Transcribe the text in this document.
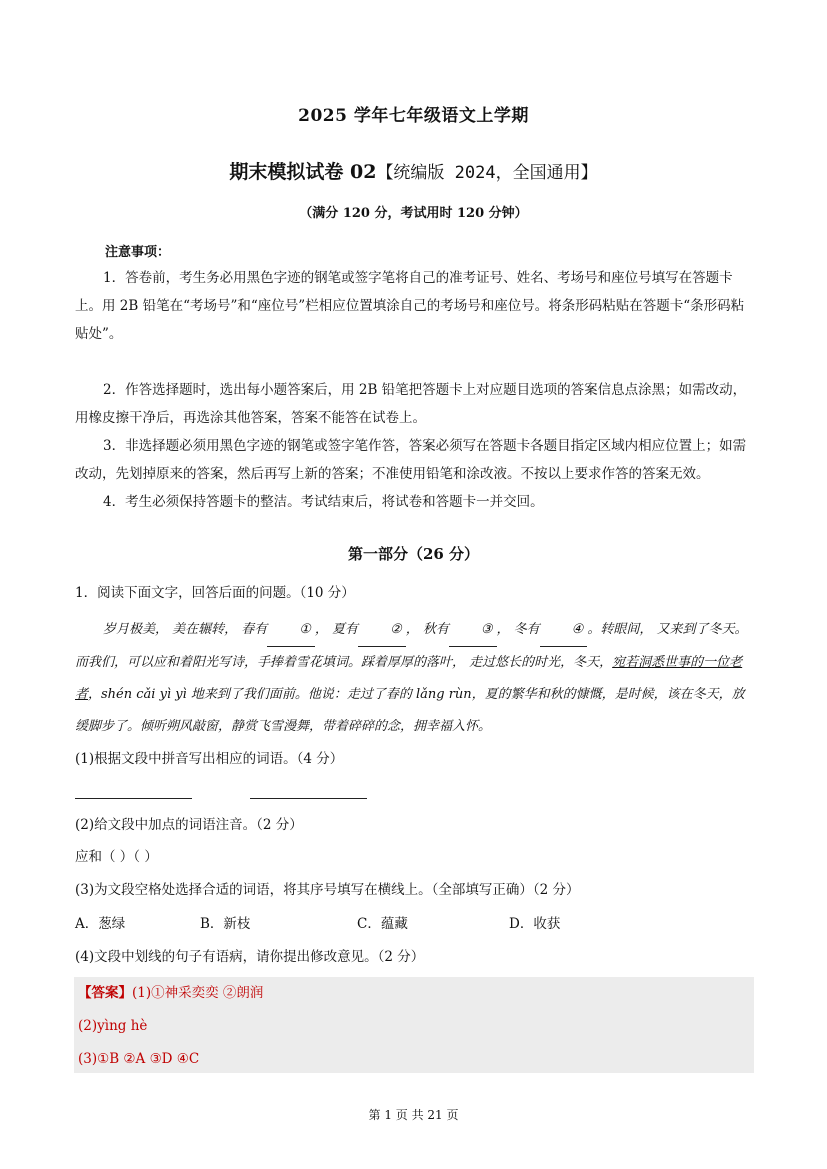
2025 学年七年级语文上学期
期末模拟试卷 02【统编版 2024，全国通用】
（满分 120 分，考试用时 120 分钟）
注意事项：
1．答卷前，考生务必用黑色字迹的钢笔或签字笔将自己的准考证号、姓名、考场号和座位号填写在答题卡上。用 2B 铅笔在“考场号”和“座位号”栏相应位置填涂自己的考场号和座位号。将条形码粘贴在答题卡“条形码粘贴处”。
2．作答选择题时，选出每小题答案后，用 2B 铅笔把答题卡上对应题目选项的答案信息点涂黑；如需改动，用橡皮擦干净后，再选涂其他答案，答案不能答在试卷上。
3．非选择题必须用黑色字迹的钢笔或签字笔作答，答案必须写在答题卡各题目指定区域内相应位置上；如需改动，先划掉原来的答案，然后再写上新的答案；不准使用铅笔和涂改液。不按以上要求作答的答案无效。
4．考生必须保持答题卡的整洁。考试结束后，将试卷和答题卡一并交回。
第一部分（26 分）
1．阅读下面文字，回答后面的问题。（10 分）
岁月极美， 美在辗转， 春有 ① ， 夏有 ② ， 秋有 ③ ， 冬有 ④ 。转眼间， 又来到了冬天。而我们，可以应和着阳光写诗，手捧着雪花填词。踩着厚厚的落叶， 走过悠长的时光，冬天，宛若洞悉世事的一位老者，shén cǎi yì yì 地来到了我们面前。他说：走过了春的 lǎng rùn，夏的繁华和秋的慷慨，是时候，该在冬天，放缓脚步了。倾听朔风敲窗，静赏飞雪漫舞，带着碎碎的念，拥幸福入怀。
(1)根据文段中拼音写出相应的词语。（4 分）
(2)给文段中加点的词语注音。（2 分）
应和（ ）（ ）
(3)为文段空格处选择合适的词语，将其序号填写在横线上。（全部填写正确）（2 分）
A．葱绿	B．新枝	C．蕴藏	D．收获
(4)文段中划线的句子有语病，请你提出修改意见。（2 分）
【答案】(1)①神采奕奕 ②朗润
(2)yìng hè
(3)①B ②A ③D ④C
第 1 页 共 21 页
